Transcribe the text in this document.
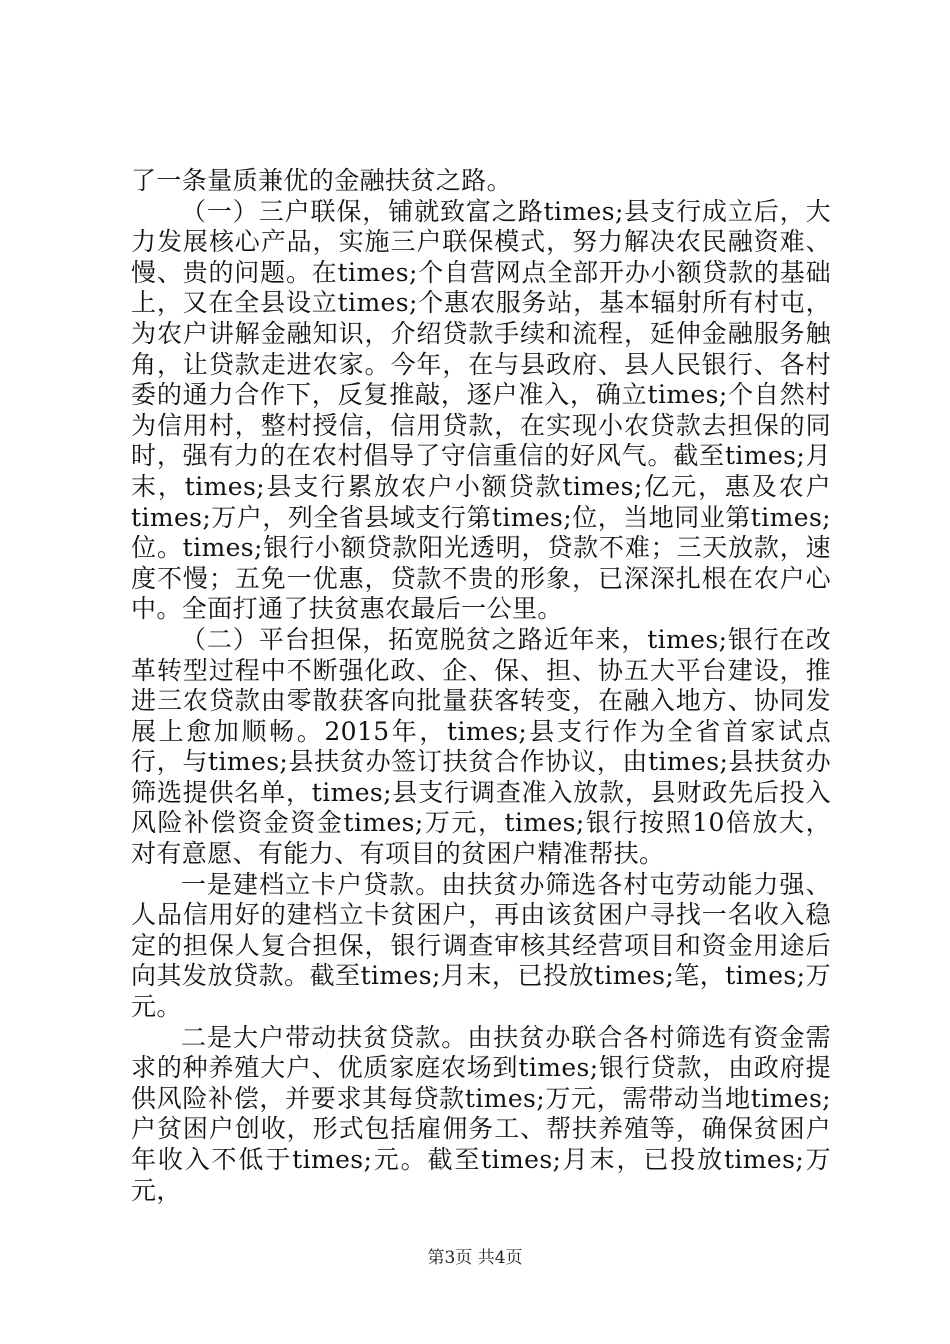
了一条量质兼优的金融扶贫之路。

（一）三户联保，铺就致富之路times;县支行成立后，大力发展核心产品，实施三户联保模式，努力解决农民融资难、慢、贵的问题。在times;个自营网点全部开办小额贷款的基础上，又在全县设立times;个惠农服务站，基本辐射所有村屯，为农户讲解金融知识，介绍贷款手续和流程，延伸金融服务触角，让贷款走进农家。今年，在与县政府、县人民银行、各村委的通力合作下，反复推敲，逐户准入，确立times;个自然村为信用村，整村授信，信用贷款，在实现小农贷款去担保的同时，强有力的在农村倡导了守信重信的好风气。截至times;月末，times;县支行累放农户小额贷款times;亿元，惠及农户times;万户，列全省县域支行第times;位，当地同业第times;位。times;银行小额贷款阳光透明，贷款不难；三天放款，速度不慢；五免一优惠，贷款不贵的形象，已深深扎根在农户心中。全面打通了扶贫惠农最后一公里。

（二）平台担保，拓宽脱贫之路近年来，times;银行在改革转型过程中不断强化政、企、保、担、协五大平台建设，推进三农贷款由零散获客向批量获客转变，在融入地方、协同发展上愈加顺畅。2015年，times;县支行作为全省首家试点行，与times;县扶贫办签订扶贫合作协议，由times;县扶贫办筛选提供名单，times;县支行调查准入放款，县财政先后投入风险补偿资金资金times;万元，times;银行按照10倍放大，对有意愿、有能力、有项目的贫困户精准帮扶。

一是建档立卡户贷款。由扶贫办筛选各村屯劳动能力强、人品信用好的建档立卡贫困户，再由该贫困户寻找一名收入稳定的担保人复合担保，银行调查审核其经营项目和资金用途后向其发放贷款。截至times;月末，已投放times;笔，times;万元。

二是大户带动扶贫贷款。由扶贫办联合各村筛选有资金需求的种养殖大户、优质家庭农场到times;银行贷款，由政府提供风险补偿，并要求其每贷款times;万元，需带动当地times;户贫困户创收，形式包括雇佣务工、帮扶养殖等，确保贫困户年收入不低于times;元。截至times;月末，已投放times;万元，

第3页 共4页
